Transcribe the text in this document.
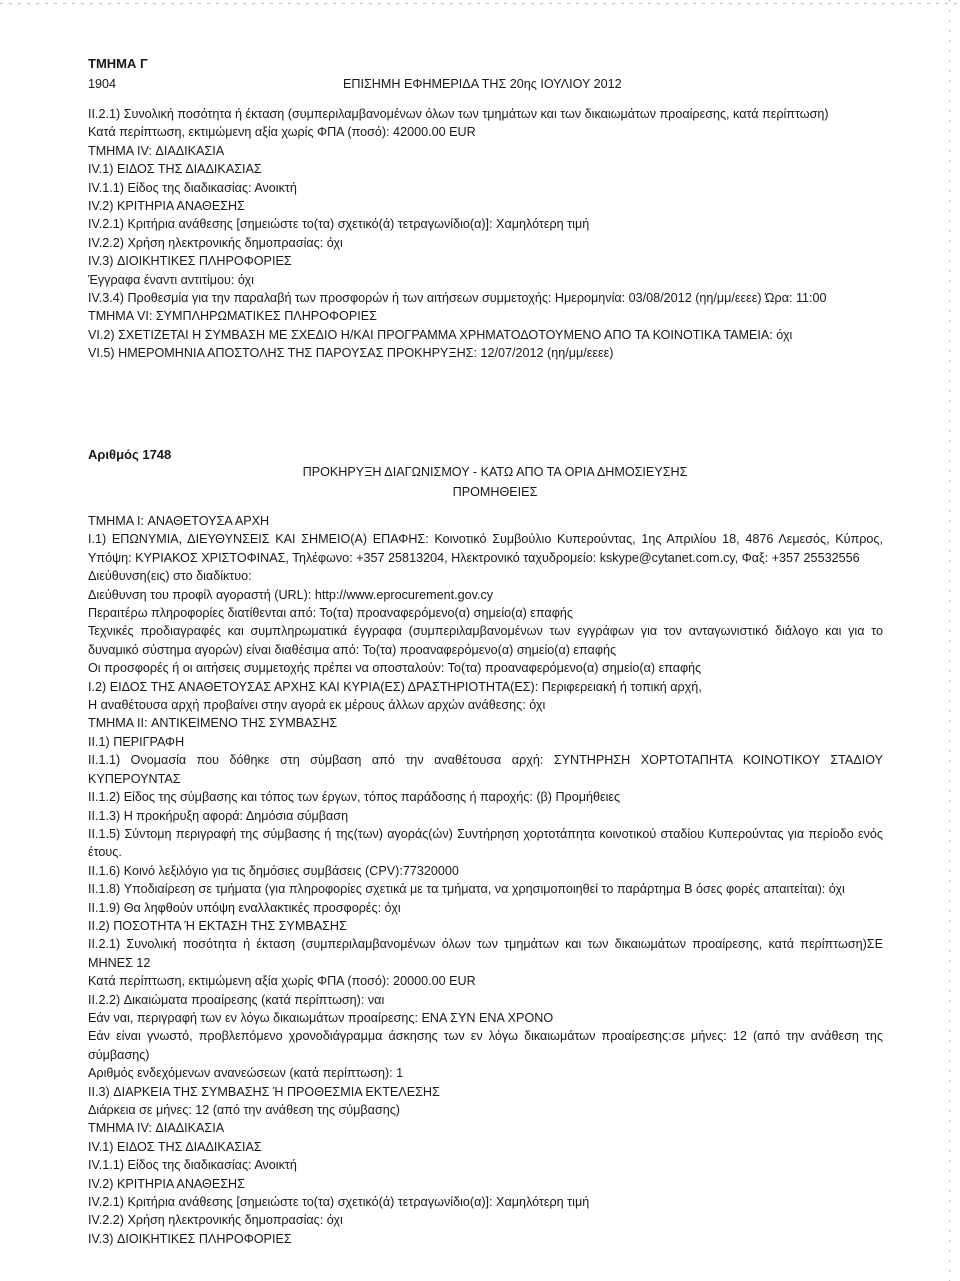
ΤΜΗΜΑ Γ
1904	ΕΠΙΣΗΜΗ ΕΦΗΜΕΡΙΔΑ ΤΗΣ 20ης ΙΟΥΛΙΟΥ 2012
II.2.1) Συνολική ποσότητα ή έκταση (συμπεριλαμβανομένων όλων των τμημάτων και των δικαιωμάτων προαίρεσης, κατά περίπτωση)
Κατά περίπτωση, εκτιμώμενη αξία χωρίς ΦΠΑ (ποσό): 42000.00 EUR
ΤΜΗΜΑ IV: ΔΙΑΔΙΚΑΣΙΑ
IV.1) ΕΙΔΟΣ ΤΗΣ ΔΙΑΔΙΚΑΣΙΑΣ
IV.1.1) Είδος της διαδικασίας: Ανοικτή
IV.2) ΚΡΙΤΗΡΙΑ ΑΝΑΘΕΣΗΣ
IV.2.1) Κριτήρια ανάθεσης [σημειώστε το(τα) σχετικό(ά) τετραγωνίδιο(α)]: Χαμηλότερη τιμή
IV.2.2) Χρήση ηλεκτρονικής δημοπρασίας: όχι
IV.3) ΔΙΟΙΚΗΤΙΚΕΣ ΠΛΗΡΟΦΟΡΙΕΣ
Έγγραφα έναντι αντιτίμου: όχι
IV.3.4) Προθεσμία για την παραλαβή των προσφορών ή των αιτήσεων συμμετοχής: Ημερομηνία: 03/08/2012 (ηη/μμ/εεεε) Ώρα: 11:00
ΤΜΗΜΑ VI: ΣΥΜΠΛΗΡΩΜΑΤΙΚΕΣ ΠΛΗΡΟΦΟΡΙΕΣ
VI.2) ΣΧΕΤΙΖΕΤΑΙ Η ΣΥΜΒΑΣΗ ΜΕ ΣΧΕΔΙΟ Η/ΚΑΙ ΠΡΟΓΡΑΜΜΑ ΧΡΗΜΑΤΟΔΟΤΟΥΜΕΝΟ ΑΠΟ ΤΑ ΚΟΙΝΟΤΙΚΑ ΤΑΜΕΙΑ: όχι
VI.5) ΗΜΕΡΟΜΗΝΙΑ ΑΠΟΣΤΟΛΗΣ ΤΗΣ ΠΑΡΟΥΣΑΣ ΠΡΟΚΗΡΥΞΗΣ: 12/07/2012 (ηη/μμ/εεεε)
Αριθμός 1748
ΠΡΟΚΗΡΥΞΗ ΔΙΑΓΩΝΙΣΜΟΥ - ΚΑΤΩ ΑΠΟ ΤΑ ΟΡΙΑ ΔΗΜΟΣΙΕΥΣΗΣ
ΠΡΟΜΗΘΕΙΕΣ
ΤΜΗΜΑ I: ΑΝΑΘΕΤΟΥΣΑ ΑΡΧΗ
I.1) ΕΠΩΝΥΜΙΑ, ΔΙΕΥΘΥΝΣΕΙΣ ΚΑΙ ΣΗΜΕΙΟ(Α) ΕΠΑΦΗΣ: Κοινοτικό Συμβούλιο Κυπερούντας, 1ης Απριλίου 18, 4876 Λεμεσός, Κύπρος, Υπόψη: ΚΥΡΙΑΚΟΣ ΧΡΙΣΤΟΦΙΝΑΣ, Τηλέφωνο: +357 25813204, Ηλεκτρονικό ταχυδρομείο: kskype@cytanet.com.cy, Φαξ: +357 25532556
Διεύθυνση(εις) στο διαδίκτυο:
Διεύθυνση του προφίλ αγοραστή (URL): http://www.eprocurement.gov.cy
Περαιτέρω πληροφορίες διατίθενται από: Το(τα) προαναφερόμενο(α) σημείο(α) επαφής
Τεχνικές προδιαγραφές και συμπληρωματικά έγγραφα (συμπεριλαμβανομένων των εγγράφων για τον ανταγωνιστικό διάλογο και για το δυναμικό σύστημα αγορών) είναι διαθέσιμα από: Το(τα) προαναφερόμενο(α) σημείο(α) επαφής
Οι προσφορές ή οι αιτήσεις συμμετοχής πρέπει να οποσταλούν: Το(τα) προαναφερόμενο(α) σημείο(α) επαφής
I.2) ΕΙΔΟΣ ΤΗΣ ΑΝΑΘΕΤΟΥΣΑΣ ΑΡΧΗΣ ΚΑΙ ΚΥΡΙΑ(ΕΣ) ΔΡΑΣΤΗΡΙΟΤΗΤΑ(ΕΣ): Περιφερειακή ή τοπική αρχή,
Η αναθέτουσα αρχή προβαίνει στην αγορά εκ μέρους άλλων αρχών ανάθεσης: όχι
ΤΜΗΜΑ II: ΑΝΤΙΚΕΙΜΕΝΟ ΤΗΣ ΣΥΜΒΑΣΗΣ
II.1) ΠΕΡΙΓΡΑΦΗ
II.1.1) Ονομασία που δόθηκε στη σύμβαση από την αναθέτουσα αρχή: ΣΥΝΤΗΡΗΣΗ ΧΟΡΤΟΤΑΠΗΤΑ ΚΟΙΝΟΤΙΚΟΥ ΣΤΑΔΙΟΥ ΚΥΠΕΡΟΥΝΤΑΣ
II.1.2) Είδος της σύμβασης και τόπος των έργων, τόπος παράδοσης ή παροχής: (β) Προμήθειες
II.1.3) Η προκήρυξη αφορά: Δημόσια σύμβαση
II.1.5) Σύντομη περιγραφή της σύμβασης ή της(των) αγοράς(ών) Συντήρηση χορτοτάπητα κοινοτικού σταδίου Κυπερούντας για περίοδο ενός έτους.
II.1.6) Κοινό λεξιλόγιο για τις δημόσιες συμβάσεις (CPV):77320000
II.1.8) Υποδιαίρεση σε τμήματα (για πληροφορίες σχετικά με τα τμήματα, να χρησιμοποιηθεί το παράρτημα B όσες φορές απαιτείται): όχι
II.1.9) Θα ληφθούν υπόψη εναλλακτικές προσφορές: όχι
II.2) ΠΟΣΟΤΗΤΑ Ή ΕΚΤΑΣΗ ΤΗΣ ΣΥΜΒΑΣΗΣ
II.2.1) Συνολική ποσότητα ή έκταση (συμπεριλαμβανομένων όλων των τμημάτων και των δικαιωμάτων προαίρεσης, κατά περίπτωση)ΣΕ ΜΗΝΕΣ 12
Κατά περίπτωση, εκτιμώμενη αξία χωρίς ΦΠΑ (ποσό): 20000.00 EUR
II.2.2) Δικαιώματα προαίρεσης (κατά περίπτωση): ναι
Εάν ναι, περιγραφή των εν λόγω δικαιωμάτων προαίρεσης: ΕΝΑ ΣΥΝ ΕΝΑ ΧΡΟΝΟ
Εάν είναι γνωστό, προβλεπόμενο χρονοδιάγραμμα άσκησης των εν λόγω δικαιωμάτων προαίρεσης:σε μήνες: 12 (από την ανάθεση της σύμβασης)
Αριθμός ενδεχόμενων ανανεώσεων (κατά περίπτωση): 1
II.3) ΔΙΑΡΚΕΙΑ ΤΗΣ ΣΥΜΒΑΣΗΣ Ή ΠΡΟΘΕΣΜΙΑ ΕΚΤΕΛΕΣΗΣ
Διάρκεια σε μήνες: 12 (από την ανάθεση της σύμβασης)
ΤΜΗΜΑ IV: ΔΙΑΔΙΚΑΣΙΑ
IV.1) ΕΙΔΟΣ ΤΗΣ ΔΙΑΔΙΚΑΣΙΑΣ
IV.1.1) Είδος της διαδικασίας: Ανοικτή
IV.2) ΚΡΙΤΗΡΙΑ ΑΝΑΘΕΣΗΣ
IV.2.1) Κριτήρια ανάθεσης [σημειώστε το(τα) σχετικό(ά) τετραγωνίδιο(α)]: Χαμηλότερη τιμή
IV.2.2) Χρήση ηλεκτρονικής δημοπρασίας: όχι
IV.3) ΔΙΟΙΚΗΤΙΚΕΣ ΠΛΗΡΟΦΟΡΙΕΣ
